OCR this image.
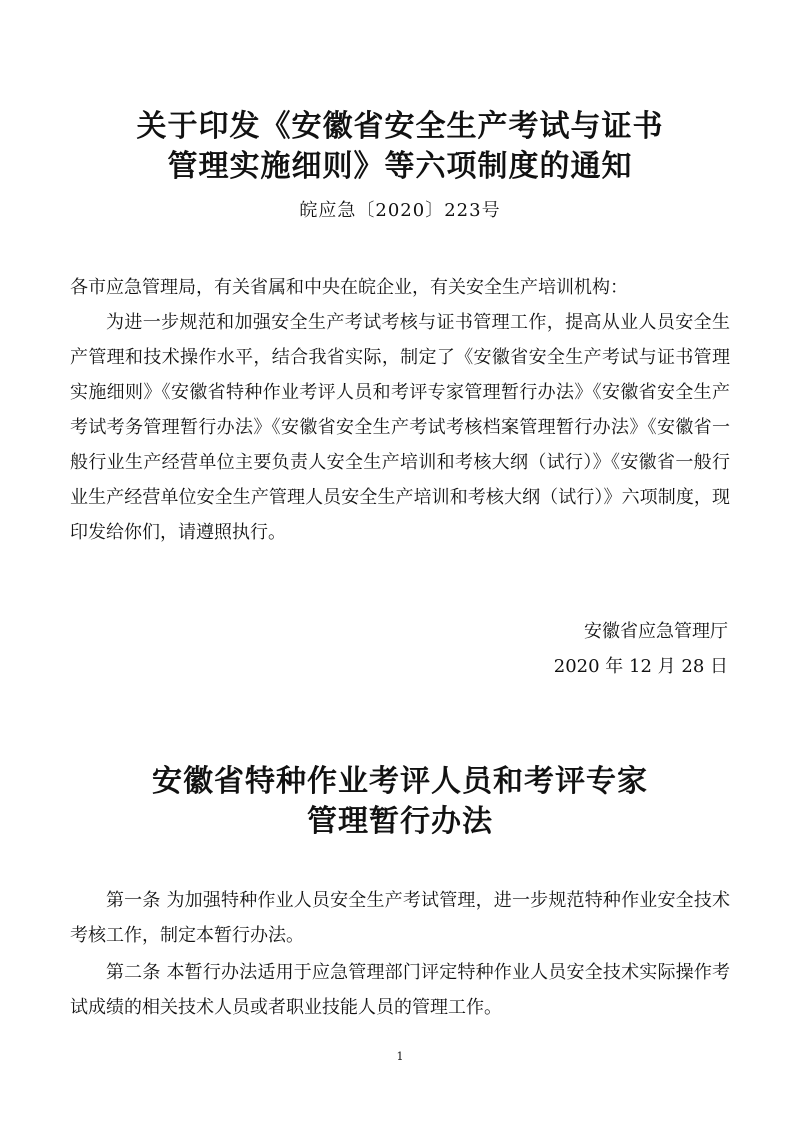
关于印发《安徽省安全生产考试与证书
管理实施细则》等六项制度的通知
皖应急〔2020〕223号
各市应急管理局，有关省属和中央在皖企业，有关安全生产培训机构：
为进一步规范和加强安全生产考试考核与证书管理工作，提高从业人员安全生产管理和技术操作水平，结合我省实际，制定了《安徽省安全生产考试与证书管理实施细则》《安徽省特种作业考评人员和考评专家管理暂行办法》《安徽省安全生产考试考务管理暂行办法》《安徽省安全生产考试考核档案管理暂行办法》《安徽省一般行业生产经营单位主要负责人安全生产培训和考核大纲（试行）》《安徽省一般行业生产经营单位安全生产管理人员安全生产培训和考核大纲（试行）》六项制度，现印发给你们，请遵照执行。
安徽省应急管理厅
2020 年 12 月 28 日
安徽省特种作业考评人员和考评专家
管理暂行办法
第一条 为加强特种作业人员安全生产考试管理，进一步规范特种作业安全技术考核工作，制定本暂行办法。
第二条 本暂行办法适用于应急管理部门评定特种作业人员安全技术实际操作考试成绩的相关技术人员或者职业技能人员的管理工作。
1
